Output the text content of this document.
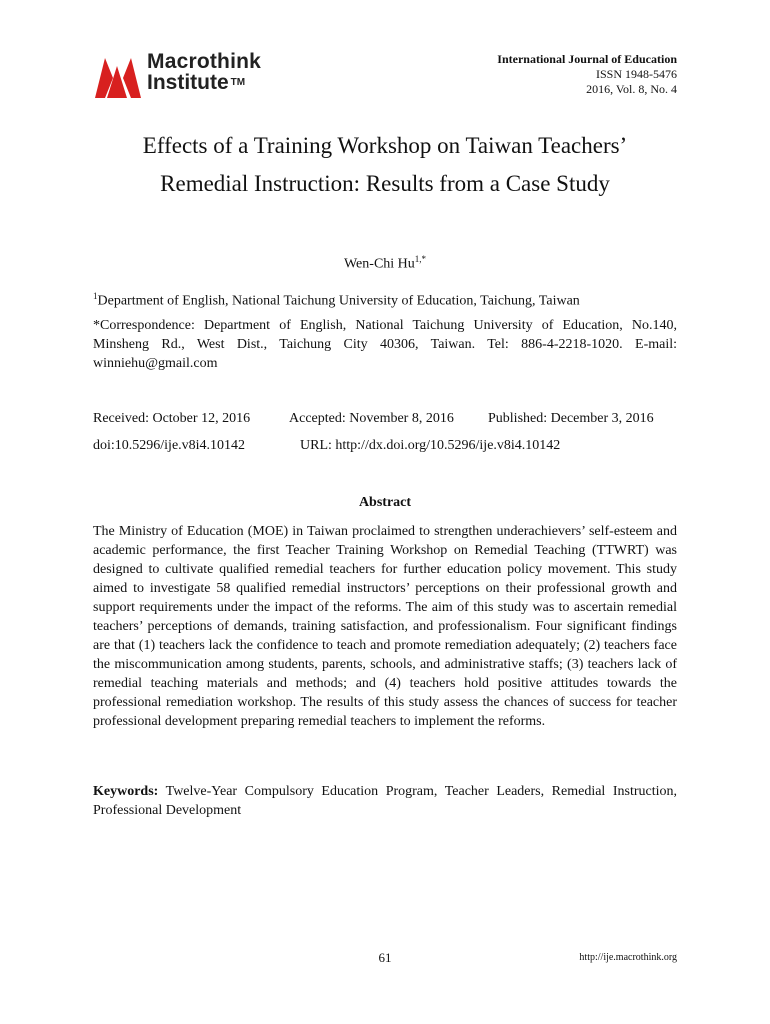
Macrothink
Institute ™
International Journal of Education
ISSN 1948-5476
2016, Vol. 8, No. 4
Effects of a Training Workshop on Taiwan Teachers’
Remedial Instruction: Results from a Case Study
Wen-Chi $Hu^{1,*}$
$^1$Department of English, National Taichung University of Education, Taichung, Taiwan
*Correspondence: Department of English, National Taichung University of Education, No.140, Minsheng Rd., West Dist., Taichung City 40306, Taiwan. Tel: 886-4-2218-1020. E-mail: winniehu@gmail.com
Received: October 12, 2016	Accepted: November 8, 2016 Published: December 3, 2016
doi:10.5296/ije.v8i4.10142	URL: http://dx.doi.org/10.5296/ije.v8i4.10142
Abstract
The Ministry of Education (MOE) in Taiwan proclaimed to strengthen underachievers’ self-esteem and academic performance, the first Teacher Training Workshop on Remedial Teaching (TTWRT) was designed to cultivate qualified remedial teachers for further education policy movement. This study aimed to investigate 58 qualified remedial instructors’ perceptions on their professional growth and support requirements under the impact of the reforms. The aim of this study was to ascertain remedial teachers’ perceptions of demands, training satisfaction, and professionalism. Four significant findings are that (1) teachers lack the confidence to teach and promote remediation adequately; (2) teachers face the miscommunication among students, parents, schools, and administrative staffs; (3) teachers lack of remedial teaching materials and methods; and (4) teachers hold positive attitudes towards the professional remediation workshop. The results of this study assess the chances of success for teacher professional development preparing remedial teachers to implement the reforms.
Keywords: Twelve-Year Compulsory Education Program, Teacher Leaders, Remedial Instruction, Professional Development
61	http://ije.macrothink.org
